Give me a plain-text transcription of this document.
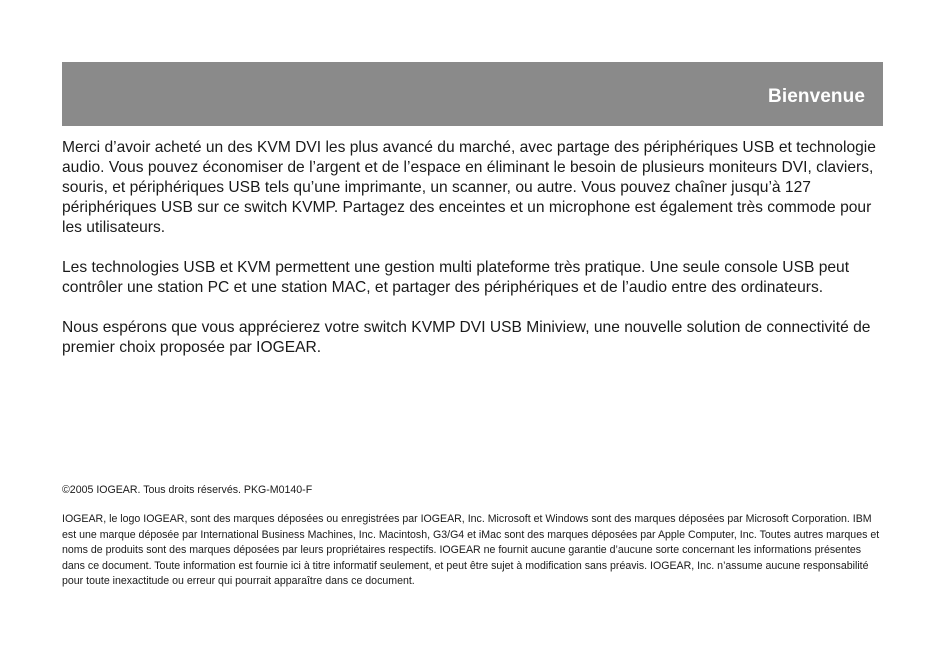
Bienvenue

Merci d’avoir acheté un des KVM DVI les plus avancé du marché, avec partage des périphériques USB et technologie audio. Vous pouvez économiser de l’argent et de l’espace en éliminant le besoin de plusieurs moniteurs DVI, claviers, souris, et périphériques USB tels qu’une imprimante, un scanner, ou autre. Vous pouvez chaîner jusqu’à 127 périphériques USB sur ce switch KVMP. Partagez des enceintes et un microphone est également très commode pour les utilisateurs.

Les technologies USB et KVM permettent une gestion multi plateforme très pratique. Une seule console USB peut contrôler une station PC et une station MAC, et partager des périphériques et de l’audio entre des ordinateurs.

Nous espérons que vous apprécierez votre switch KVMP DVI USB Miniview, une nouvelle solution de connectivité de premier choix proposée par IOGEAR.

©2005 IOGEAR. Tous droits réservés. PKG-M0140-F

IOGEAR, le logo IOGEAR, sont des marques déposées ou enregistrées par IOGEAR, Inc. Microsoft et Windows sont des marques déposées par Microsoft Corporation. IBM est une marque déposée par International Business Machines, Inc. Macintosh, G3/G4 et iMac sont des marques déposées par Apple Computer, Inc. Toutes autres marques et noms de produits sont des marques déposées par leurs propriétaires respectifs. IOGEAR ne fournit aucune garantie d’aucune sorte concernant les informations présentes dans ce document. Toute information est fournie ici à titre informatif seulement, et peut être sujet à modification sans préavis. IOGEAR, Inc. n’assume aucune responsabilité pour toute inexactitude ou erreur qui pourrait apparaître dans ce document.
